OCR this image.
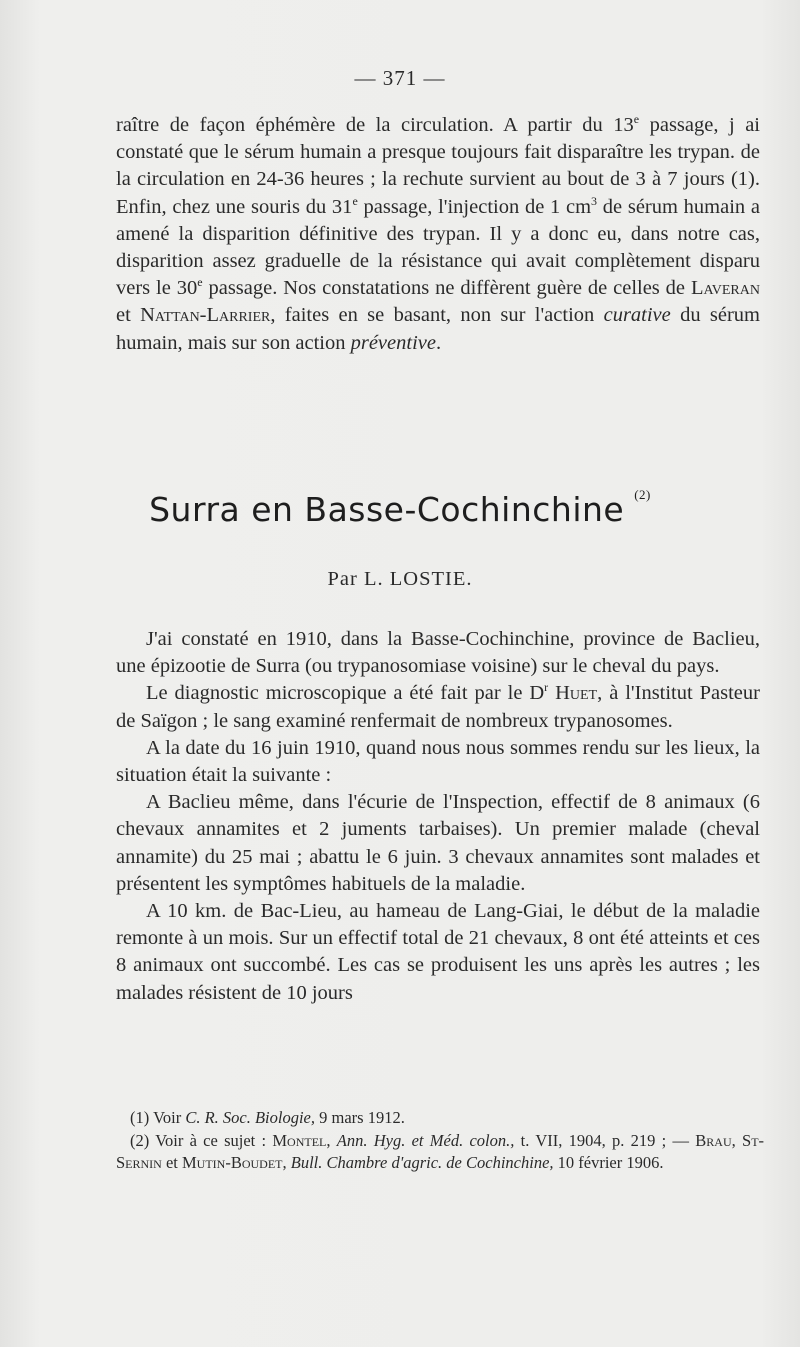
— 371 —

raître de façon éphémère de la circulation. A partir du 13e passage, j ai constaté que le sérum humain a presque toujours fait disparaître les trypan. de la circulation en 24-36 heures ; la rechute survient au bout de 3 à 7 jours (1). Enfin, chez une souris du 31e passage, l'injection de 1 $cm^3$ de sérum humain a amené la disparition définitive des trypan. Il y a donc eu, dans notre cas, disparition assez graduelle de la résistance qui avait complètement disparu vers le 30e passage. Nos constatations ne diffèrent guère de celles de Laveran et Nattan-Larrier, faites en se basant, non sur l'action curative du sérum humain, mais sur son action préventive.

Surra en Basse-Cochinchine $^{(2)}$
Par L. LOSTIE.

J'ai constaté en 1910, dans la Basse-Cochinchine, province de Baclieu, une épizootie de Surra (ou trypanosomiase voisine) sur le cheval du pays.

Le diagnostic microscopique a été fait par le $D^r$ Huet, à l'Institut Pasteur de Saïgon ; le sang examiné renfermait de nombreux trypanosomes.

A la date du 16 juin 1910, quand nous nous sommes rendu sur les lieux, la situation était la suivante :

A Baclieu même, dans l'écurie de l'Inspection, effectif de 8 animaux (6 chevaux annamites et 2 juments tarbaises). Un premier malade (cheval annamite) du 25 mai ; abattu le 6 juin. 3 chevaux annamites sont malades et présentent les symptômes habituels de la maladie.

A 10 km. de Bac-Lieu, au hameau de Lang-Giai, le début de la maladie remonte à un mois. Sur un effectif total de 21 chevaux, 8 ont été atteints et ces 8 animaux ont succombé. Les cas se produisent les uns après les autres ; les malades résistent de 10 jours

(1) Voir C. R. Soc. Biologie, 9 mars 1912.

(2) Voir à ce sujet : Montel, Ann. Hyg. et Méd. colon., t. VII, 1904, p. 219 ; — Brau, St-Sernin et Mutin-Boudet, Bull. Chambre d'agric. de Cochinchine, 10 février 1906.
